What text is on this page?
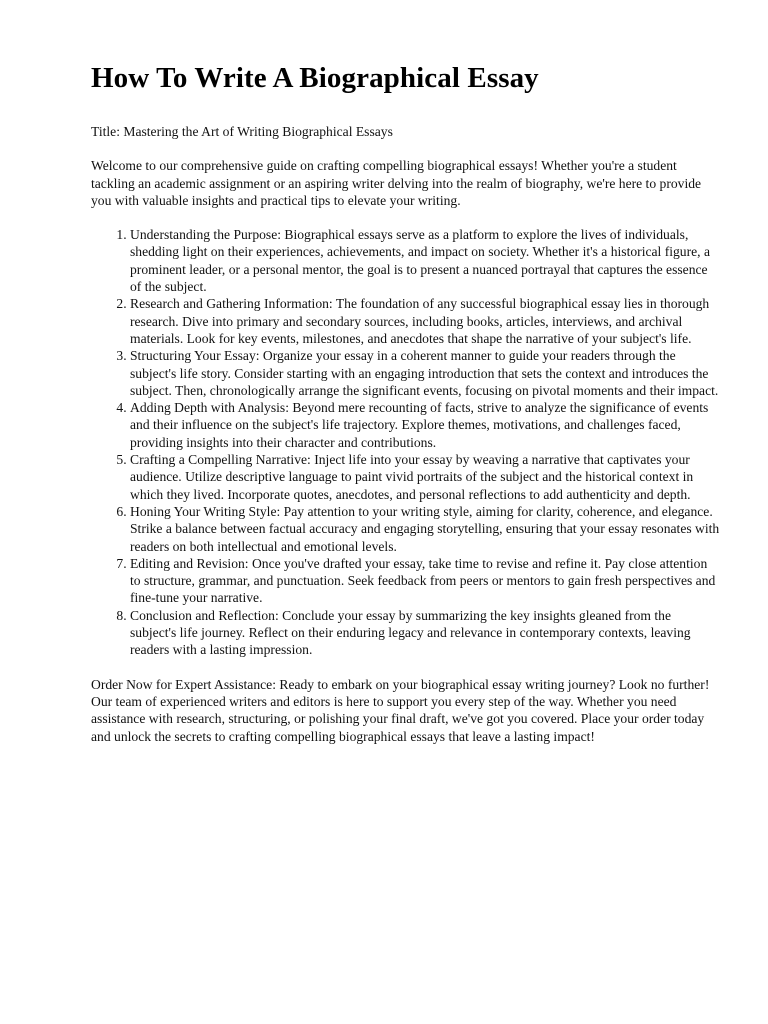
How To Write A Biographical Essay

Title: Mastering the Art of Writing Biographical Essays

Welcome to our comprehensive guide on crafting compelling biographical essays! Whether you're a student tackling an academic assignment or an aspiring writer delving into the realm of biography, we're here to provide you with valuable insights and practical tips to elevate your writing.

1. Understanding the Purpose: Biographical essays serve as a platform to explore the lives of individuals, shedding light on their experiences, achievements, and impact on society. Whether it's a historical figure, a prominent leader, or a personal mentor, the goal is to present a nuanced portrayal that captures the essence of the subject.
2. Research and Gathering Information: The foundation of any successful biographical essay lies in thorough research. Dive into primary and secondary sources, including books, articles, interviews, and archival materials. Look for key events, milestones, and anecdotes that shape the narrative of your subject's life.
3. Structuring Your Essay: Organize your essay in a coherent manner to guide your readers through the subject's life story. Consider starting with an engaging introduction that sets the context and introduces the subject. Then, chronologically arrange the significant events, focusing on pivotal moments and their impact.
4. Adding Depth with Analysis: Beyond mere recounting of facts, strive to analyze the significance of events and their influence on the subject's life trajectory. Explore themes, motivations, and challenges faced, providing insights into their character and contributions.
5. Crafting a Compelling Narrative: Inject life into your essay by weaving a narrative that captivates your audience. Utilize descriptive language to paint vivid portraits of the subject and the historical context in which they lived. Incorporate quotes, anecdotes, and personal reflections to add authenticity and depth.
6. Honing Your Writing Style: Pay attention to your writing style, aiming for clarity, coherence, and elegance. Strike a balance between factual accuracy and engaging storytelling, ensuring that your essay resonates with readers on both intellectual and emotional levels.
7. Editing and Revision: Once you've drafted your essay, take time to revise and refine it. Pay close attention to structure, grammar, and punctuation. Seek feedback from peers or mentors to gain fresh perspectives and fine-tune your narrative.
8. Conclusion and Reflection: Conclude your essay by summarizing the key insights gleaned from the subject's life journey. Reflect on their enduring legacy and relevance in contemporary contexts, leaving readers with a lasting impression.

Order Now for Expert Assistance: Ready to embark on your biographical essay writing journey? Look no further! Our team of experienced writers and editors is here to support you every step of the way. Whether you need assistance with research, structuring, or polishing your final draft, we've got you covered. Place your order today and unlock the secrets to crafting compelling biographical essays that leave a lasting impact!
